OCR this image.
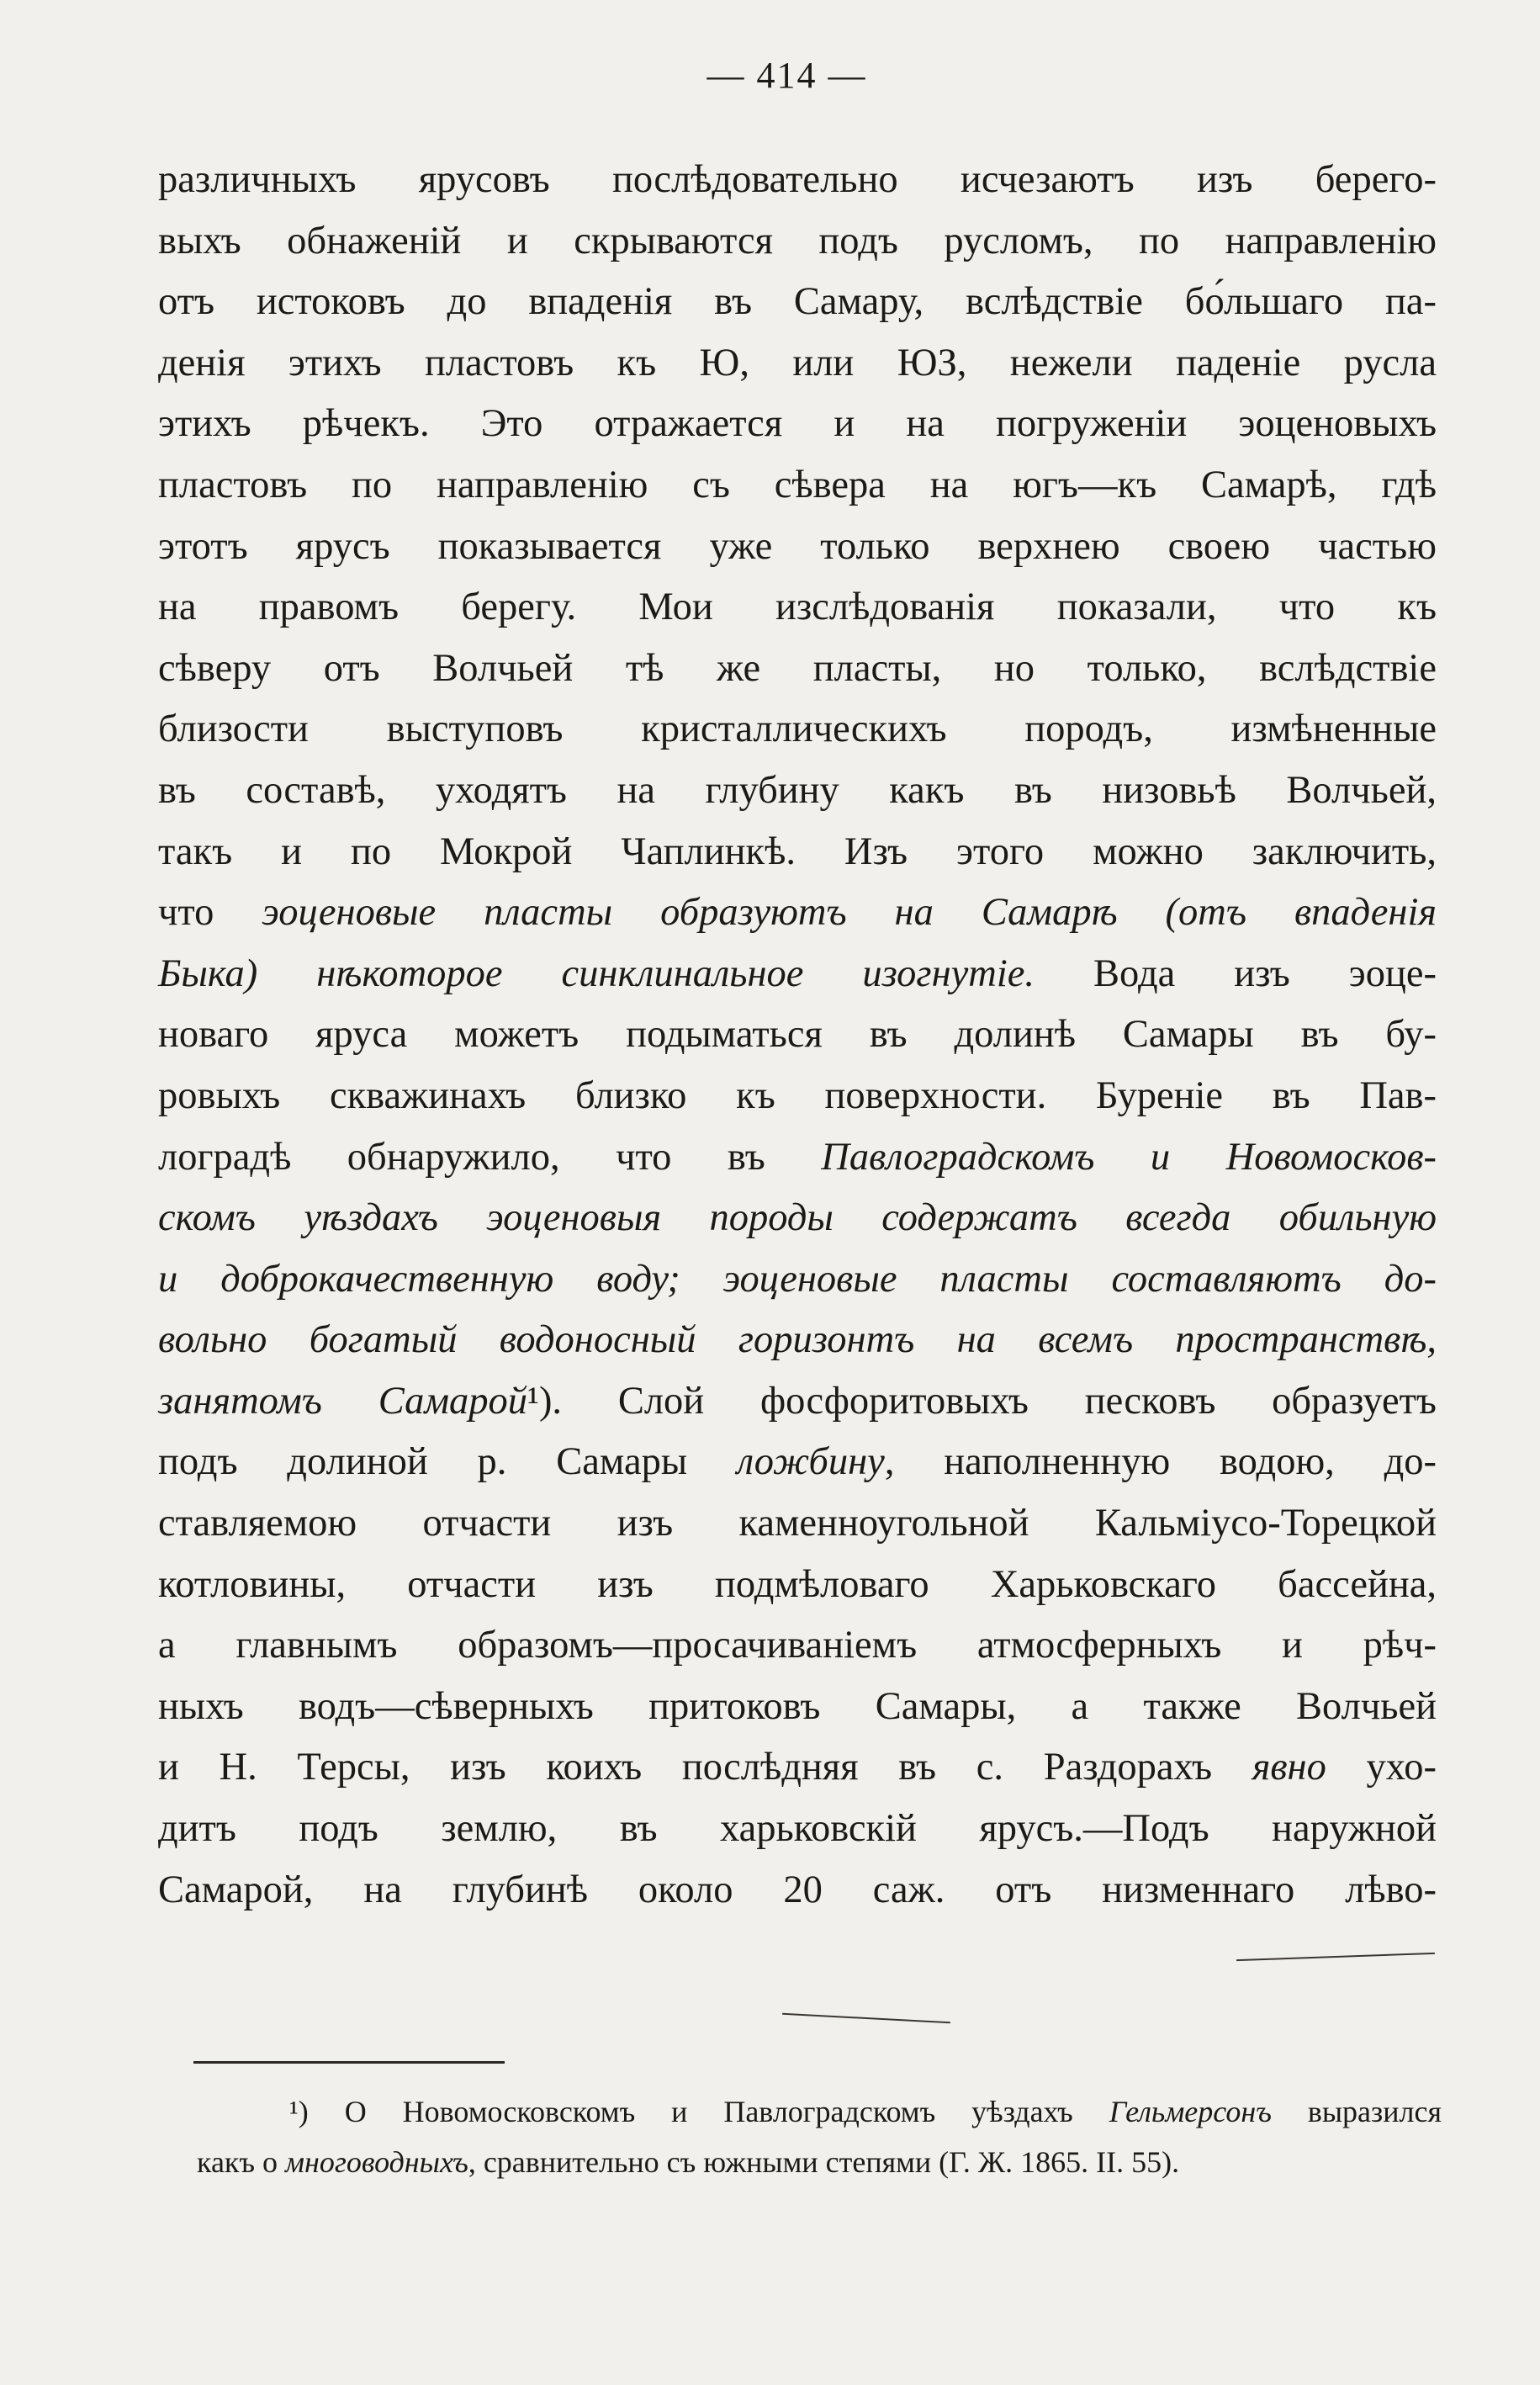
— 414 —
различныхъ ярусовъ послѣдовательно исчезаютъ изъ берего-
выхъ обнаженій и скрываются подъ русломъ, по направленію
отъ истоковъ до впаденія въ Самару, вслѣдствіе бо́льшаго па-
денія этихъ пластовъ къ Ю, или ЮЗ, нежели паденіе русла
этихъ рѣчекъ. Это отражается и на погруженіи эоценовыхъ
пластовъ по направленію съ сѣвера на югъ—къ Самарѣ, гдѣ
этотъ ярусъ показывается уже только верхнею своею частью
на правомъ берегу. Мои изслѣдованія показали, что къ
сѣверу отъ Волчьей тѣ же пласты, но только, вслѣдствіе
близости выступовъ кристаллическихъ породъ, измѣненные
въ составѣ, уходятъ на глубину какъ въ низовьѣ Волчьей,
такъ и по Мокрой Чаплинкѣ. Изъ этого можно заключить,
что эоценовые пласты образуютъ на Самарѣ (отъ впаденія
Быка) нѣкоторое синклинальное изогнутіе. Вода изъ эоце-
новаго яруса можетъ подыматься въ долинѣ Самары въ бу-
ровыхъ скважинахъ близко къ поверхности. Буреніе въ Пав-
лоградѣ обнаружило, что въ Павлоградскомъ и Новомосков-
скомъ уѣздахъ эоценовыя породы содержатъ всегда обильную
и доброкачественную воду; эоценовые пласты составляютъ до-
вольно богатый водоносный горизонтъ на всемъ пространствѣ,
занятомъ Самарой¹). Слой фосфоритовыхъ песковъ образуетъ
подъ долиной р. Самары ложбину, наполненную водою, до-
ставляемою отчасти изъ каменноугольной Кальміусо-Торецкой
котловины, отчасти изъ подмѣловаго Харьковскаго бассейна,
а главнымъ образомъ—просачиваніемъ атмосферныхъ и рѣч-
ныхъ водъ—сѣверныхъ притоковъ Самары, а также Волчьей
и Н. Терсы, изъ коихъ послѣдняя въ с. Раздорахъ явно ухо-
дитъ подъ землю, въ харьковскій ярусъ.—Подъ наружной
Самарой, на глубинѣ около 20 саж. отъ низменнаго лѣво-
¹) О Новомосковскомъ и Павлоградскомъ уѣздахъ Гельмерсонъ выразился
какъ о многоводныхъ, сравнительно съ южными степями (Г. Ж. 1865. II. 55).
